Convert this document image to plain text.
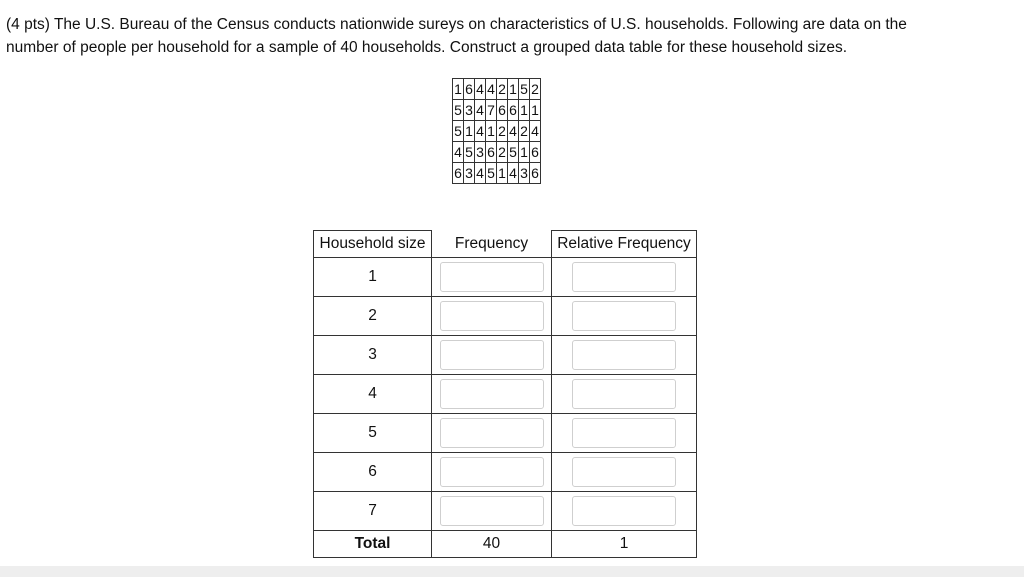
(4 pts) The U.S. Bureau of the Census conducts nationwide sureys on characteristics of U.S. households. Following are data on the

number of people per household for a sample of 40 households. Construct a grouped data table for these household sizes.

1	6	4	4	2	1	5	2
5	3	4	7	6	6	1	1
5	1	4	1	2	4	2	4
4	5	3	6	2	5	1	6
6	3	4	5	1	4	3	6
Household size	Frequency	Relative Frequency
1	

2	

3	

4	

5	

6	

7	

Total	40	1
